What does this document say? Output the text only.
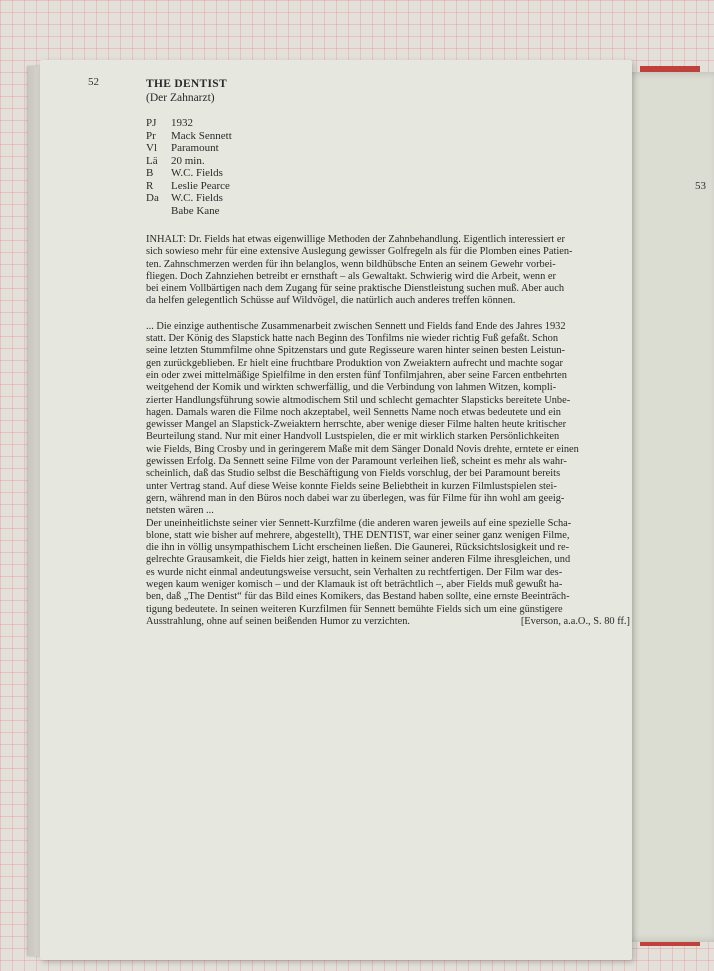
53
52	THE DENTIST
(Der Zahnarzt)
PJ	1932
Pr	Mack Sennett
Vl	Paramount
Lä	20 min.
B	W.C. Fields
R	Leslie Pearce
Da	W.C. Fields
Babe Kane
INHALT: Dr. Fields hat etwas eigenwillige Methoden der Zahnbehandlung. Eigentlich interessiert er
sich sowieso mehr für eine extensive Auslegung gewisser Golfregeln als für die Plomben eines Patien-
ten. Zahnschmerzen werden für ihn belanglos, wenn bildhübsche Enten an seinem Gewehr vorbei-
fliegen. Doch Zahnziehen betreibt er ernsthaft – als Gewaltakt. Schwierig wird die Arbeit, wenn er
bei einem Vollbärtigen nach dem Zugang für seine praktische Dienstleistung suchen muß. Aber auch
da helfen gelegentlich Schüsse auf Wildvögel, die natürlich auch anderes treffen können.
... Die einzige authentische Zusammenarbeit zwischen Sennett und Fields fand Ende des Jahres 1932
statt. Der König des Slapstick hatte nach Beginn des Tonfilms nie wieder richtig Fuß gefaßt. Schon
seine letzten Stummfilme ohne Spitzenstars und gute Regisseure waren hinter seinen besten Leistun-
gen zurückgeblieben. Er hielt eine fruchtbare Produktion von Zweiaktern aufrecht und machte sogar
ein oder zwei mittelmäßige Spielfilme in den ersten fünf Tonfilmjahren, aber seine Farcen entbehrten
weitgehend der Komik und wirkten schwerfällig, und die Verbindung von lahmen Witzen, kompli-
zierter Handlungsführung sowie altmodischem Stil und schlecht gemachter Slapsticks bereitete Unbe-
hagen. Damals waren die Filme noch akzeptabel, weil Sennetts Name noch etwas bedeutete und ein
gewisser Mangel an Slapstick-Zweiaktern herrschte, aber wenige dieser Filme halten heute kritischer
Beurteilung stand. Nur mit einer Handvoll Lustspielen, die er mit wirklich starken Persönlichkeiten
wie Fields, Bing Crosby und in geringerem Maße mit dem Sänger Donald Novis drehte, erntete er einen
gewissen Erfolg. Da Sennett seine Filme von der Paramount verleihen ließ, scheint es mehr als wahr-
scheinlich, daß das Studio selbst die Beschäftigung von Fields vorschlug, der bei Paramount bereits
unter Vertrag stand. Auf diese Weise konnte Fields seine Beliebtheit in kurzen Filmlustspielen stei-
gern, während man in den Büros noch dabei war zu überlegen, was für Filme für ihn wohl am geeig-
netsten wären ...
Der uneinheitlichste seiner vier Sennett-Kurzfilme (die anderen waren jeweils auf eine spezielle Scha-
blone, statt wie bisher auf mehrere, abgestellt), THE DENTIST, war einer seiner ganz wenigen Filme,
die ihn in völlig unsympathischem Licht erscheinen ließen. Die Gaunerei, Rücksichtslosigkeit und re-
gelrechte Grausamkeit, die Fields hier zeigt, hatten in keinem seiner anderen Filme ihresgleichen, und
es wurde nicht einmal andeutungsweise versucht, sein Verhalten zu rechtfertigen. Der Film war des-
wegen kaum weniger komisch – und der Klamauk ist oft beträchtlich –, aber Fields muß gewußt ha-
ben, daß „The Dentist“ für das Bild eines Komikers, das Bestand haben sollte, eine ernste Beeinträch-
tigung bedeutete. In seinen weiteren Kurzfilmen für Sennett bemühte Fields sich um eine günstigere
Ausstrahlung, ohne auf seinen beißenden Humor zu verzichten.	[Everson, a.a.O., S. 80 ff.]
